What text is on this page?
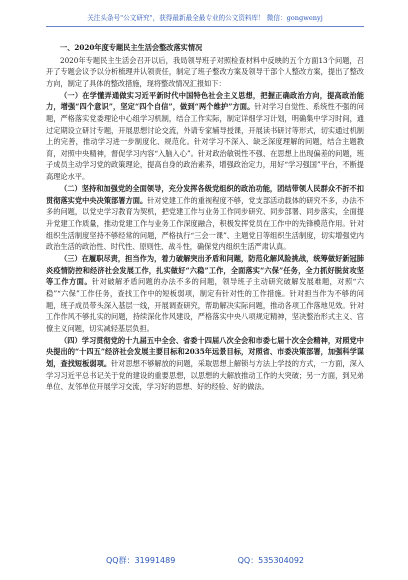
关注头条号"公文研究"，获得最新最全最专业的公文资料库！ 微信：gongwenyj

一、2020年度专题民主生活会整改落实情况

2020年专题民主生活会召开以后，我局领导班子对照检查材料中反映的五个方面13个问题，召开了专题会议予以分析梳理并认领责任，制定了班子整改方案及领导干部个人整改方案，提出了整改方向，制定了具体的整改措施，现将整改情况汇报如下：

（一）在学懂弄通做实习近平新时代中国特色社会主义思想，把握正确政治方向，提高政治能力，增强“四个意识”，坚定“四个自信”，做到“两个维护”方面。针对学习自觉性、系统性不强的问题，严格落实党委理论中心组学习机制，结合工作实际，制定详细学习计划，明确集中学习时间，通过定期设立研讨专题，开展思想讨论交流，外请专家辅导授课，开展读书研讨等形式，切实通过机制上的完善，推动学习进一步制度化、规范化。针对学习不深入、缺乏深度理解的问题，结合主题教育，对照中央精神，督促学习内容“入脑入心”。针对政治敏锐性不强、在思想上出现偏差的问题，班子成员主动学习党的政策理论，提高自身的政治素养，增强政治定力，用好“学习强国”平台，不断提高理论水平。

（二）坚持和加强党的全面领导，充分发挥各级党组织的政治功能，团结带领人民群众不折不扣贯彻落实党中央决策部署方面。针对党建工作的重视程度不够，党支部活动载体的研究不多，办法不多的问题，以党史学习教育为契机，把党建工作与业务工作同步研究、同步部署、同步落实，全面提升党建工作质量，推动党建工作与业务工作深度融合，积极发挥党员在工作中的先锋模范作用。针对组织生活制度坚持不够经常的问题，严格执行“三会一课”、主题党日等组织生活制度，切实增强党内政治生活的政治性、时代性、原则性、战斗性，确保党内组织生活严肃认真。

（三）在履职尽责，担当作为，着力破解突出矛盾和问题，防范化解风险挑战，统筹做好新冠肺炎疫情防控和经济社会发展工作，扎实做好“六稳”工作，全面落实“六保”任务，全力抓好脱贫攻坚等工作方面。针对破解矛盾问题的办法不多的问题，领导班子主动研究破解发展难题，对照“六稳”“六保”工作任务，查找工作中的短板弱项，制定有针对性的工作措施。针对担当作为不够的问题，班子成员带头深入基层一线，开展调查研究，帮助解决实际问题，推动各项工作落地见效。针对工作作风不够扎实的问题，持续深化作风建设，严格落实中央八项规定精神，坚决整治形式主义、官僚主义问题，切实减轻基层负担。

（四）学习贯彻党的十九届五中全会、省委十四届八次全会和市委七届十次全会精神，对照党中央提出的“十四五”经济社会发展主要目标和2035年远景目标，对照省、市委决策部署，加强科学谋划，查找短板弱项。针对思想不够解放的问题，采取思想上解锁与方法上学技的方式，一方面，深入学习习近平总书记关于党的建设的重要思想，以思想的大解放推动工作的大突破；另一方面，到兄弟单位、友邻单位开展学习交流，学习好的思想、好的经验、好的做法。

QQ群：31991489	QQ：535304092
